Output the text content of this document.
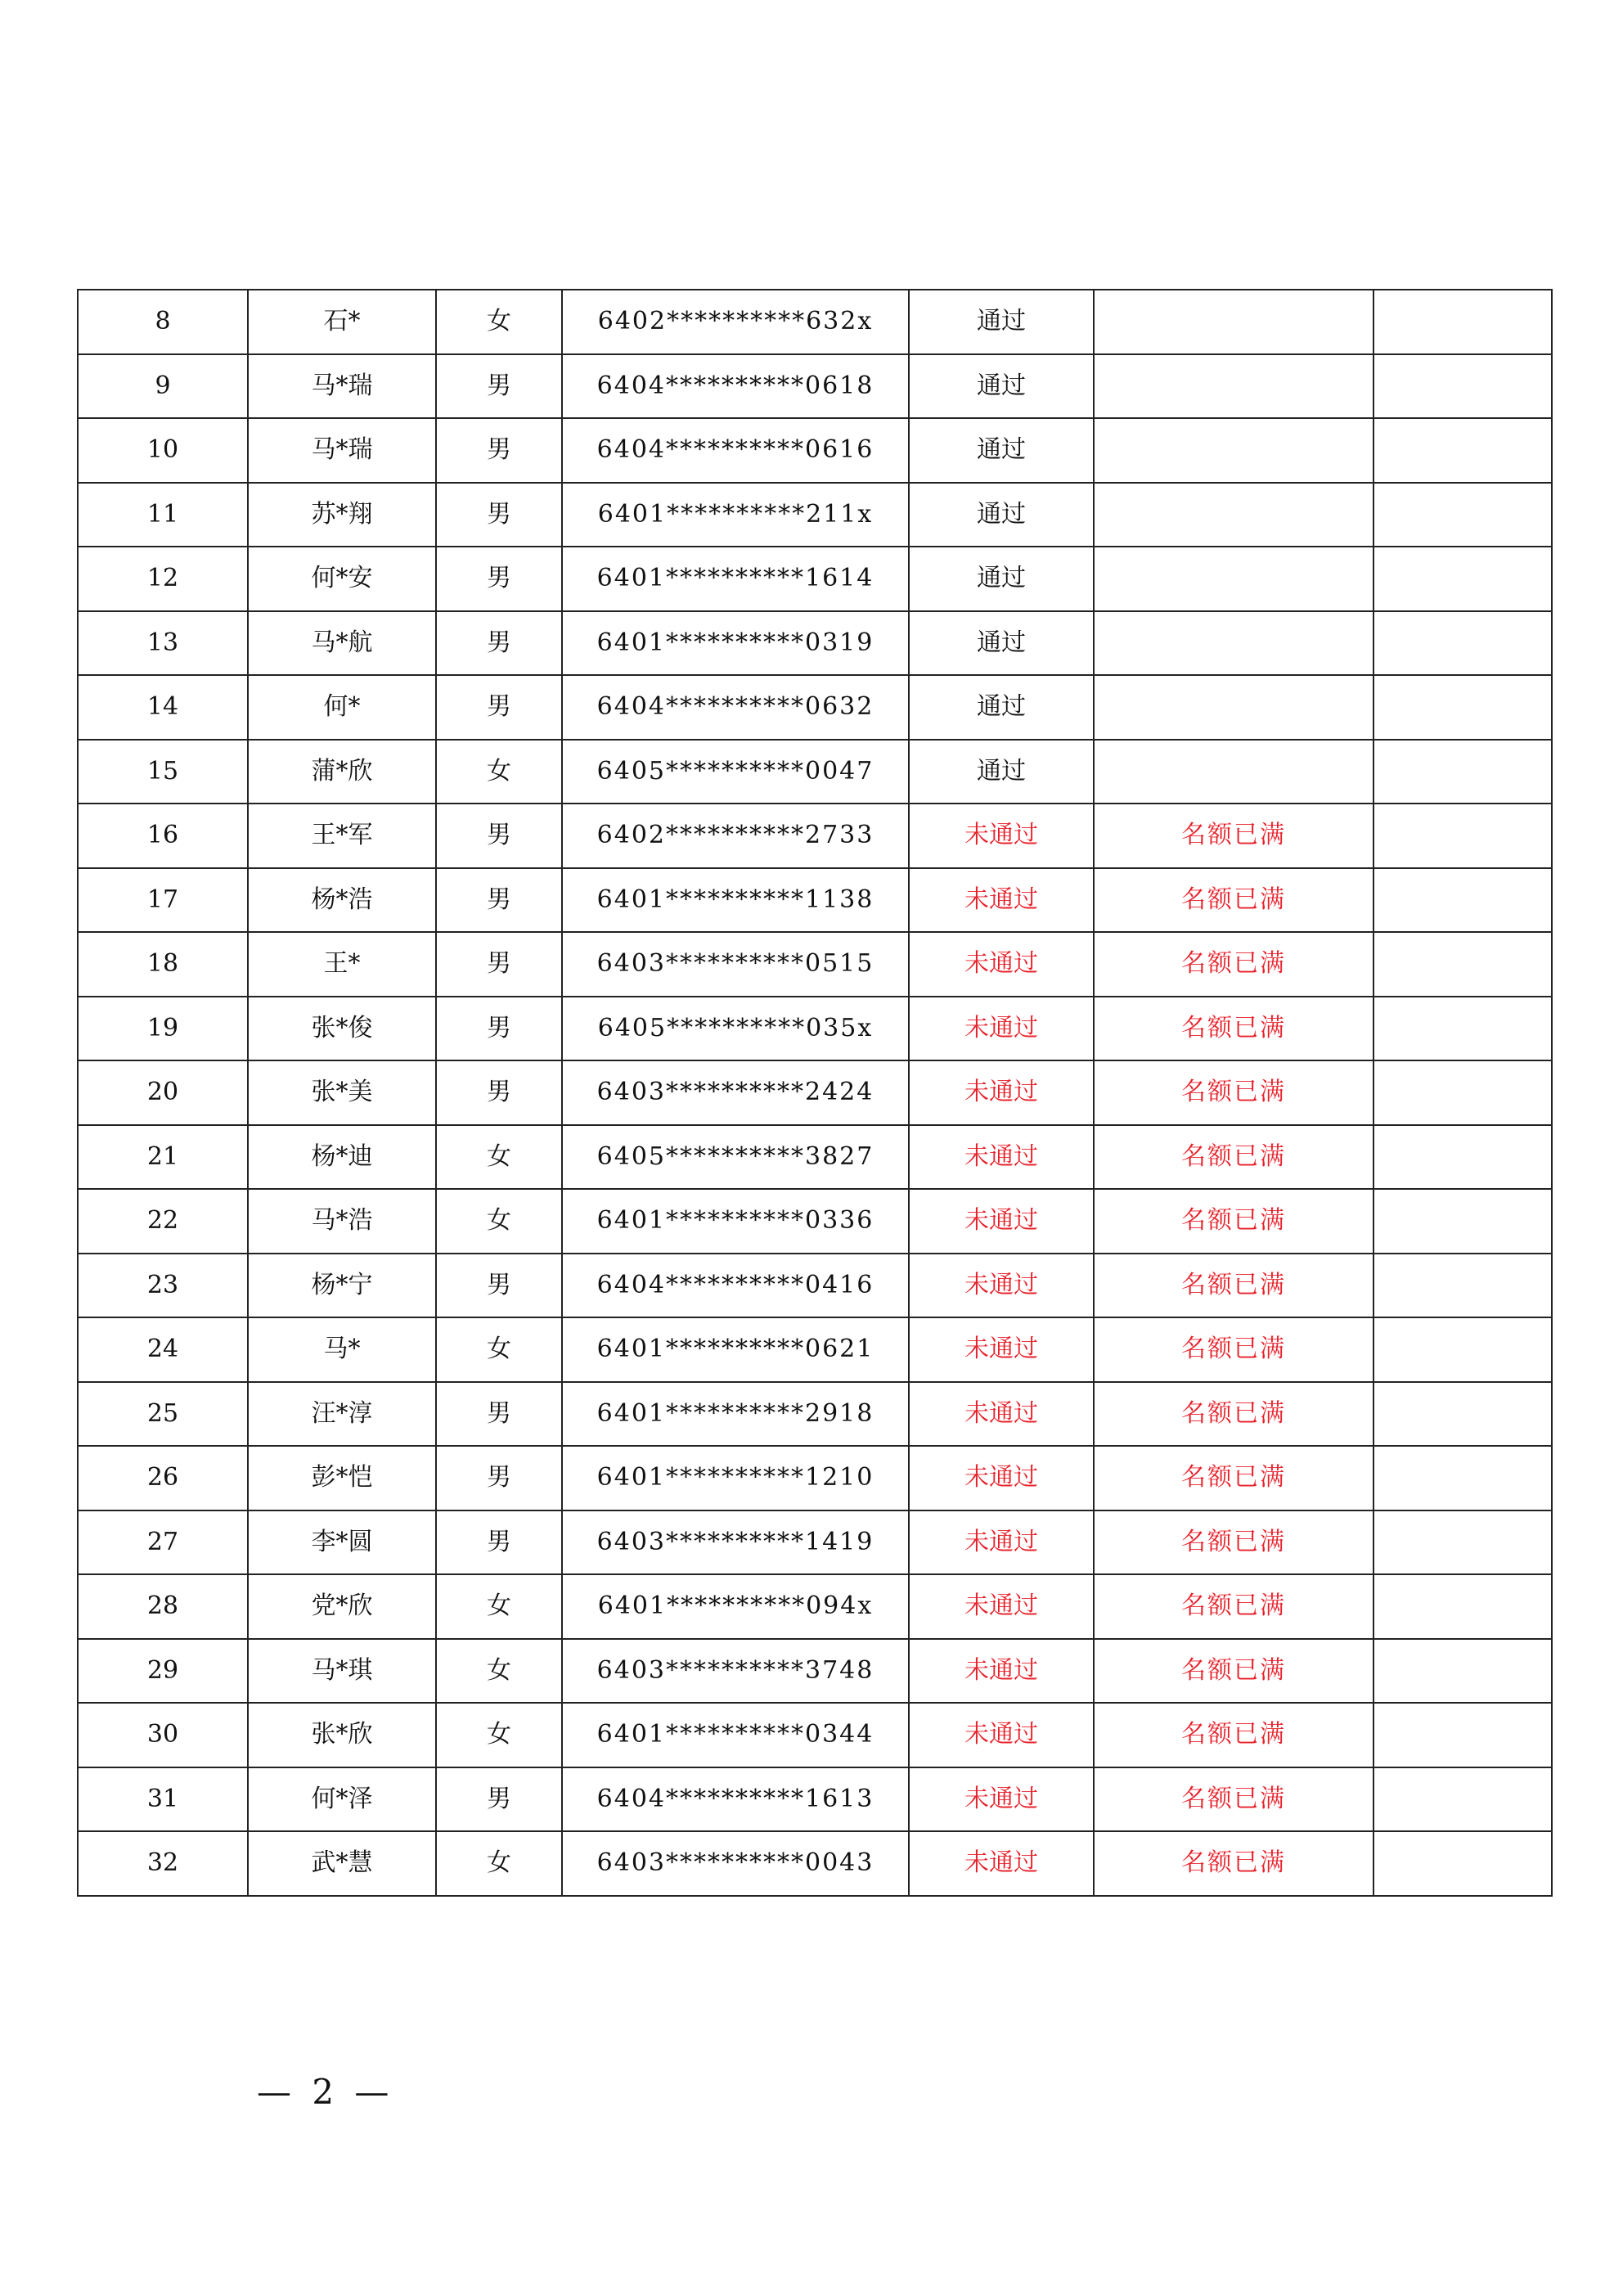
8	石*	女	6402**********632x	通过		
9	马*瑞	男	6404**********0618	通过		
10	马*瑞	男	6404**********0616	通过		
11	苏*翔	男	6401**********211x	通过		
12	何*安	男	6401**********1614	通过		
13	马*航	男	6401**********0319	通过		
14	何*	男	6404**********0632	通过		
15	蒲*欣	女	6405**********0047	通过		
16	王*军	男	6402**********2733	未通过	名额已满	
17	杨*浩	男	6401**********1138	未通过	名额已满	
18	王*	男	6403**********0515	未通过	名额已满	
19	张*俊	男	6405**********035x	未通过	名额已满	
20	张*美	男	6403**********2424	未通过	名额已满	
21	杨*迪	女	6405**********3827	未通过	名额已满	
22	马*浩	女	6401**********0336	未通过	名额已满	
23	杨*宁	男	6404**********0416	未通过	名额已满	
24	马*	女	6401**********0621	未通过	名额已满	
25	汪*淳	男	6401**********2918	未通过	名额已满	
26	彭*恺	男	6401**********1210	未通过	名额已满	
27	李*圆	男	6403**********1419	未通过	名额已满	
28	党*欣	女	6401**********094x	未通过	名额已满	
29	马*琪	女	6403**********3748	未通过	名额已满	
30	张*欣	女	6401**********0344	未通过	名额已满	
31	何*泽	男	6404**********1613	未通过	名额已满	
32	武*慧	女	6403**********0043	未通过	名额已满	
— 2 —
